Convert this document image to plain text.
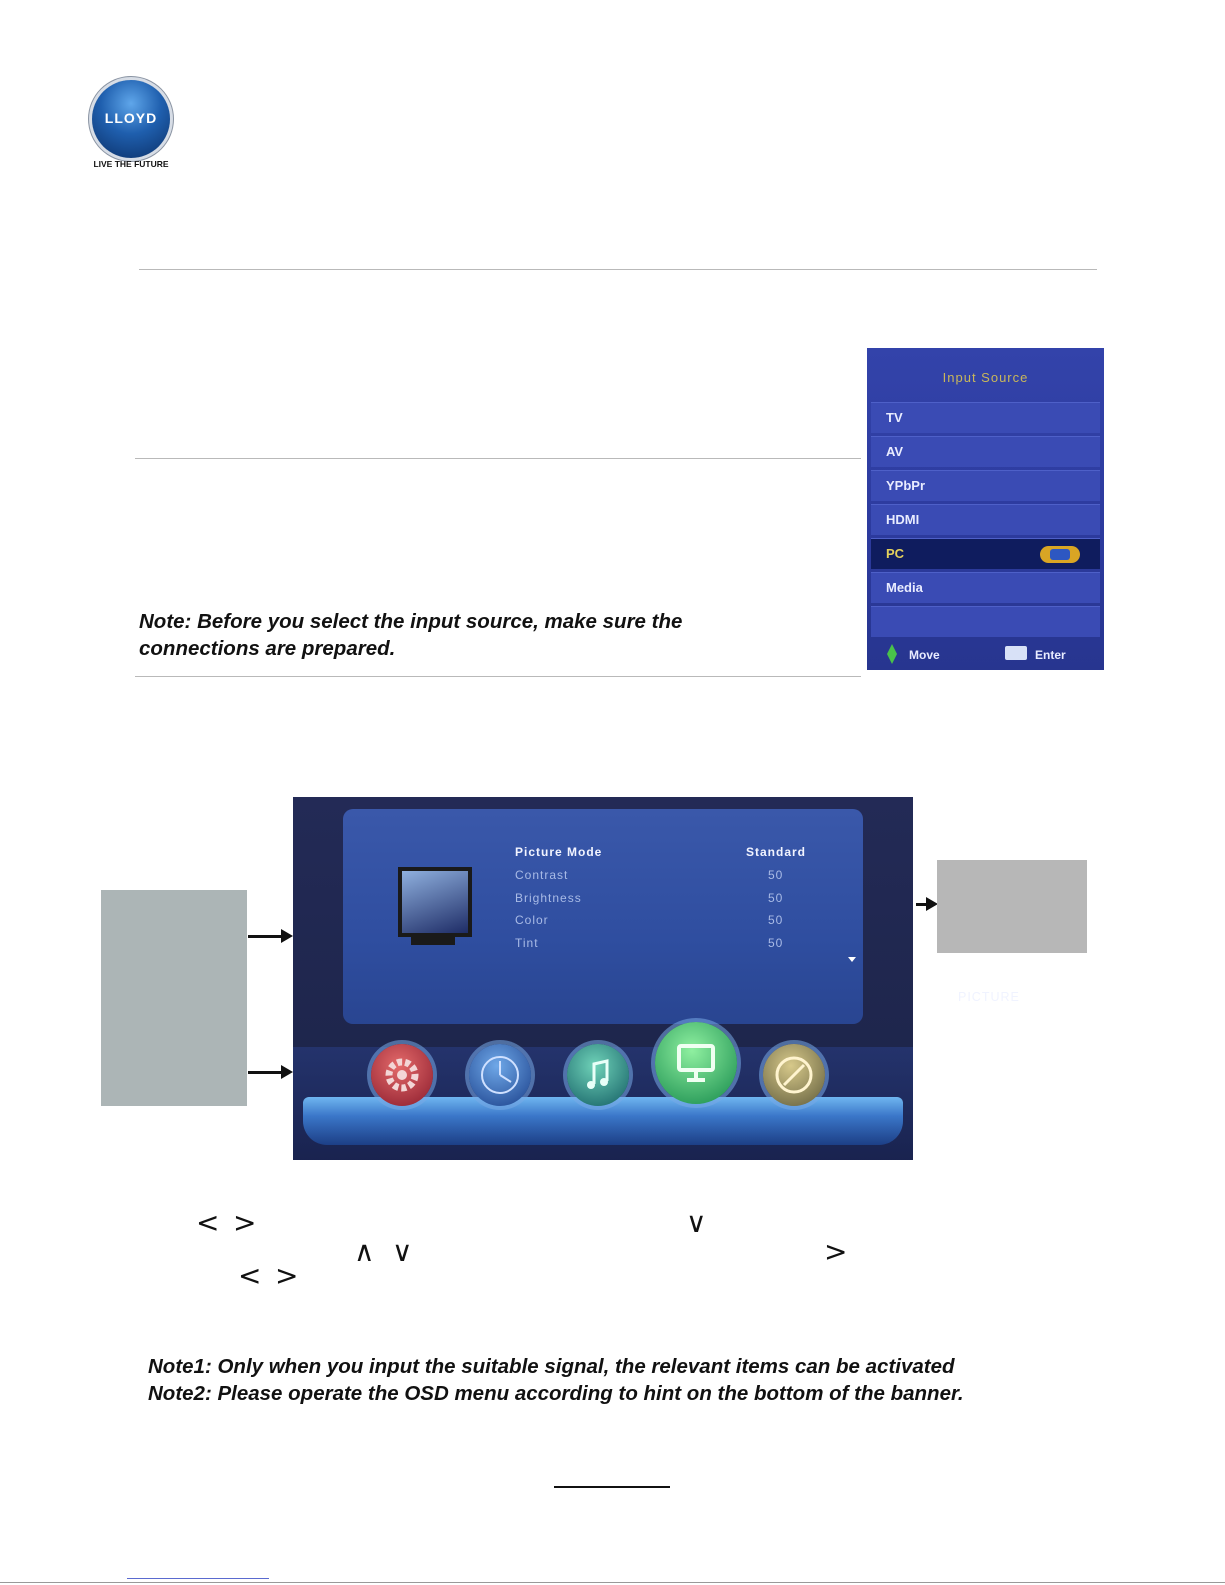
LLOYD
LIVE THE FUTURE
Input Source
TV
AV
YPbPr
HDMI
PC
Media
Move	Enter
Note: Before you select the input source, make sure the connections are prepared.
PICTURE
Picture Mode	Standard
Contrast	50
Brightness	50
Color	50
Tint	50
< >	∨
∧ ∨	>
< >
Note1: Only when you input the suitable signal, the relevant items can be activated
Note2: Please operate the OSD menu according to hint on the bottom of the banner.
